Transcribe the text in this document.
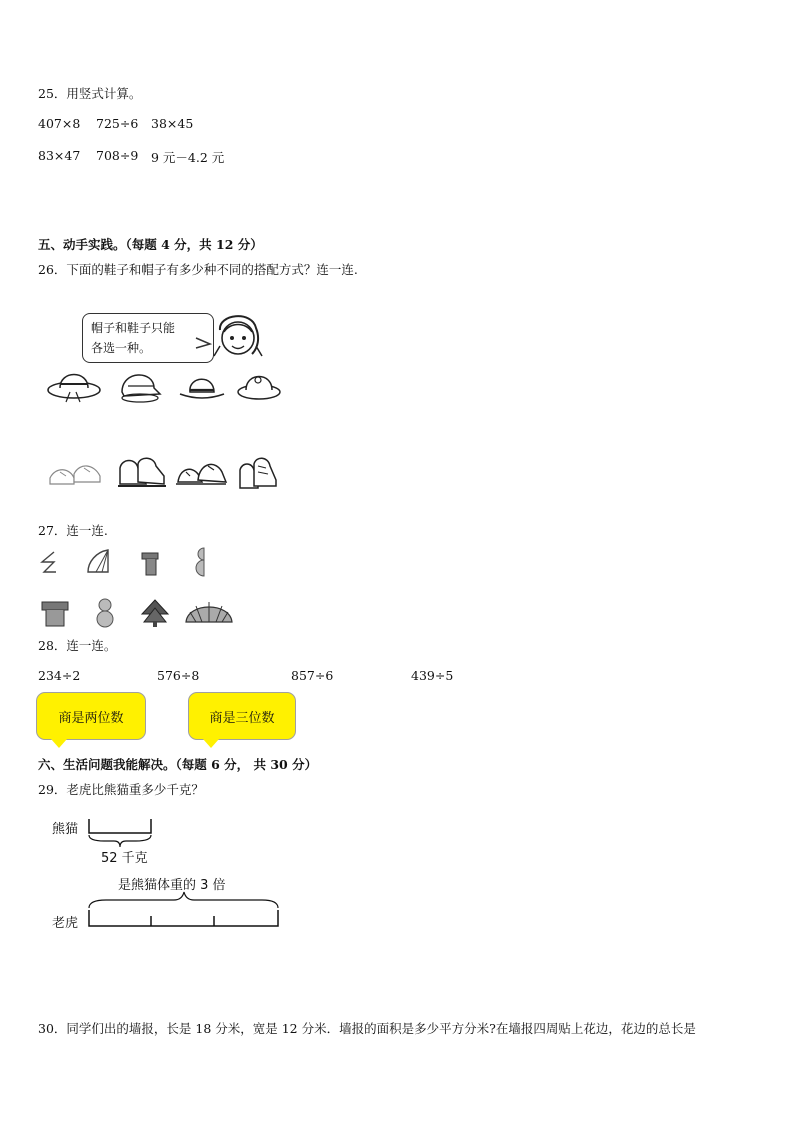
25．用竖式计算。
407×8 725÷6 38×45
83×47 708÷9 9 元－4.2 元
五、动手实践。（每题 4 分，共 12 分）
26．下面的鞋子和帽子有多少种不同的搭配方式？连一连.
帽子和鞋子只能
各选一种。
27．连一连.
28．连一连。
234÷2	576÷8	857÷6	439÷5
商是两位数	商是三位数
六、生活问题我能解决。（每题 6 分， 共 30 分）
29．老虎比熊猫重多少千克？
熊猫
52 千克
是熊猫体重的 3 倍
老虎
30．同学们出的墙报，长是 18 分米，宽是 12 分米．墙报的面积是多少平方分米?在墙报四周贴上花边，花边的总长是
